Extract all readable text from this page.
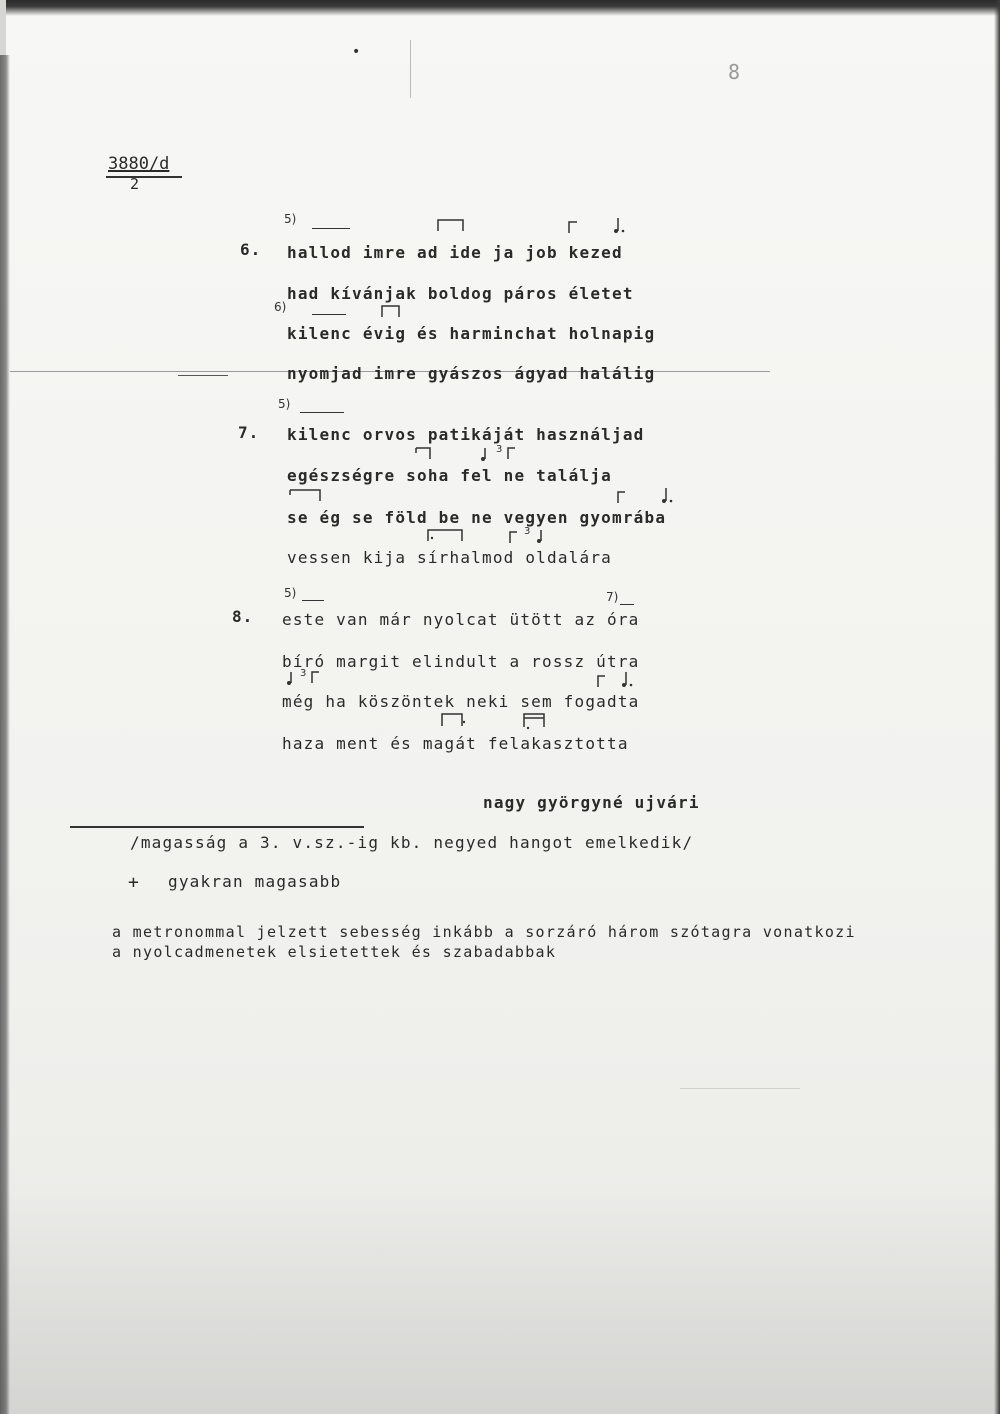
•
8
3880/d
2
5)
6. hallod imre ad ide ja job kezed
had kívánjak boldog páros életet
6)
kilenc évig és harminchat holnapig
nyomjad imre gyászos ágyad halálig
5)
7. kilenc orvos patikáját használjad
3
egészségre soha fel ne találja
se ég se föld be ne vegyen gyomrába
3
vessen kija sírhalmod oldalára
5)	7)
8. este van már nyolcat ütött az óra
bíró margit elindult a rossz útra
3
még ha köszöntek neki sem fogadta
haza ment és magát felakasztotta
nagy györgyné ujvári
/magasság a 3. v.sz.-ig kb. negyed hangot emelkedik/
+ gyakran magasabb
a metronommal jelzett sebesség inkább a sorzáró három szótagra vonatkozi
a nyolcadmenetek elsietettek és szabadabbak
